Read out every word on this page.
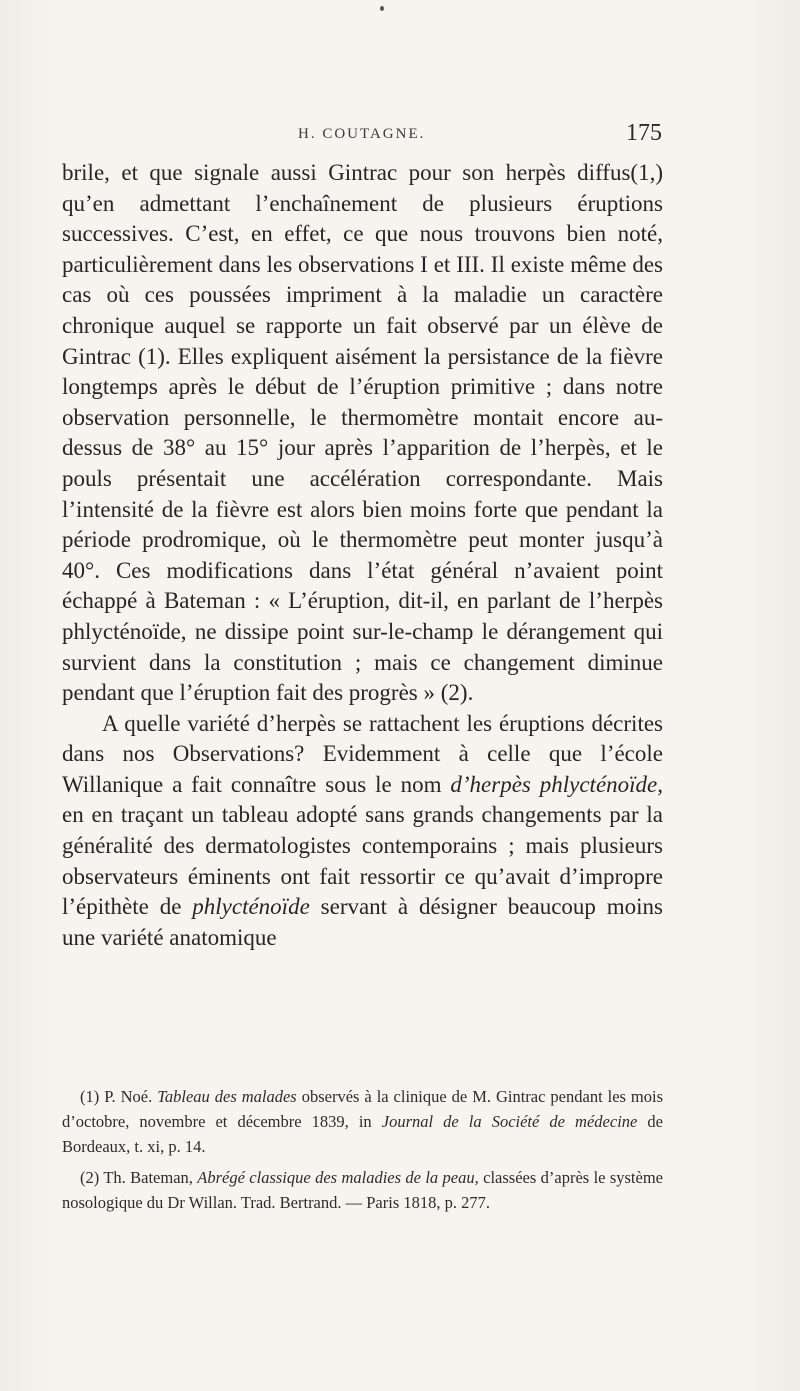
H. COUTAGNE.	175

brile, et que signale aussi Gintrac pour son herpès diffus(1,) qu’en admettant l’enchaînement de plusieurs éruptions successives. C’est, en effet, ce que nous trouvons bien noté, particulièrement dans les observations I et III. Il existe même des cas où ces poussées impriment à la maladie un caractère chronique auquel se rapporte un fait observé par un élève de Gintrac (1). Elles expliquent aisément la persistance de la fièvre longtemps après le début de l’éruption primitive ; dans notre observation personnelle, le thermomètre montait encore au-dessus de 38° au 15° jour après l’apparition de l’herpès, et le pouls présentait une accélération correspondante. Mais l’intensité de la fièvre est alors bien moins forte que pendant la période prodromique, où le thermomètre peut monter jusqu’à 40°. Ces modifications dans l’état général n’avaient point échappé à Bateman : « L’éruption, dit-il, en parlant de l’herpès phlycténoïde, ne dissipe point sur-le-champ le dérangement qui survient dans la constitution ; mais ce changement diminue pendant que l’éruption fait des progrès » (2).

A quelle variété d’herpès se rattachent les éruptions décrites dans nos Observations? Evidemment à celle que l’école Willanique a fait connaître sous le nom d’herpès phlycténoïde, en en traçant un tableau adopté sans grands changements par la généralité des dermatologistes contemporains ; mais plusieurs observateurs éminents ont fait ressortir ce qu’avait d’impropre l’épithète de phlycténoïde servant à désigner beaucoup moins une variété anatomique

(1) P. Noé. Tableau des malades observés à la clinique de M. Gintrac pendant les mois d’octobre, novembre et décembre 1839, in Journal de la Société de médecine de Bordeaux, t. xi, p. 14.

(2) Th. Bateman, Abrégé classique des maladies de la peau, classées d’après le système nosologique du Dr Willan. Trad. Bertrand. — Paris 1818, p. 277.
